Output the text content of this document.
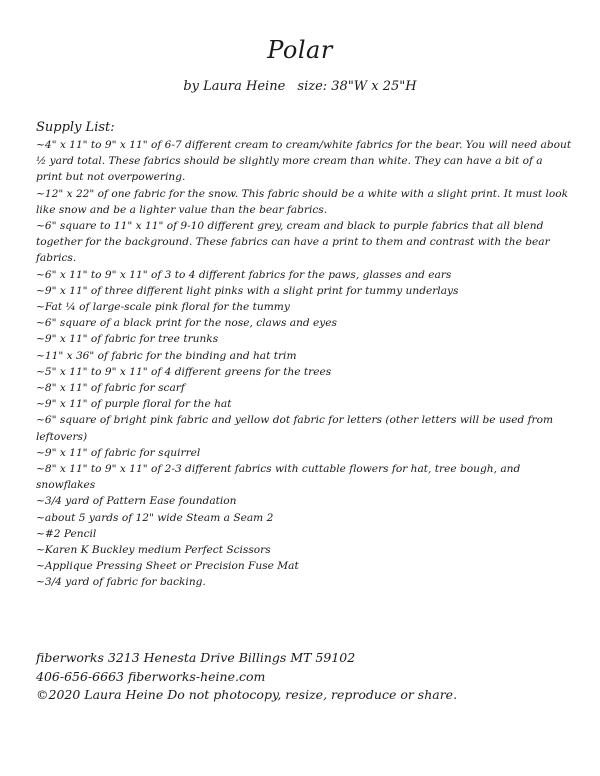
Polar
by Laura Heine size: 38"W x 25"H
Supply List:
~4" x 11" to 9" x 11" of 6-7 different cream to cream/white fabrics for the bear. You will need about ½ yard total. These fabrics should be slightly more cream than white. They can have a bit of a print but not overpowering.
~12" x 22" of one fabric for the snow. This fabric should be a white with a slight print. It must look like snow and be a lighter value than the bear fabrics.
~6" square to 11" x 11" of 9-10 different grey, cream and black to purple fabrics that all blend together for the background. These fabrics can have a print to them and contrast with the bear fabrics.
~6" x 11" to 9" x 11" of 3 to 4 different fabrics for the paws, glasses and ears
~9" x 11" of three different light pinks with a slight print for tummy underlays
~Fat ¼ of large-scale pink floral for the tummy
~6" square of a black print for the nose, claws and eyes
~9" x 11" of fabric for tree trunks
~11" x 36" of fabric for the binding and hat trim
~5" x 11" to 9" x 11" of 4 different greens for the trees
~8" x 11" of fabric for scarf
~9" x 11" of purple floral for the hat
~6" square of bright pink fabric and yellow dot fabric for letters (other letters will be used from leftovers)
~9" x 11" of fabric for squirrel
~8" x 11" to 9" x 11" of 2-3 different fabrics with cuttable flowers for hat, tree bough, and snowflakes
~3/4 yard of Pattern Ease foundation
~about 5 yards of 12" wide Steam a Seam 2
~#2 Pencil
~Karen K Buckley medium Perfect Scissors
~Applique Pressing Sheet or Precision Fuse Mat
~3/4 yard of fabric for backing.
fiberworks 3213 Henesta Drive Billings MT 59102
406-656-6663 fiberworks-heine.com
©2020 Laura Heine Do not photocopy, resize, reproduce or share.
